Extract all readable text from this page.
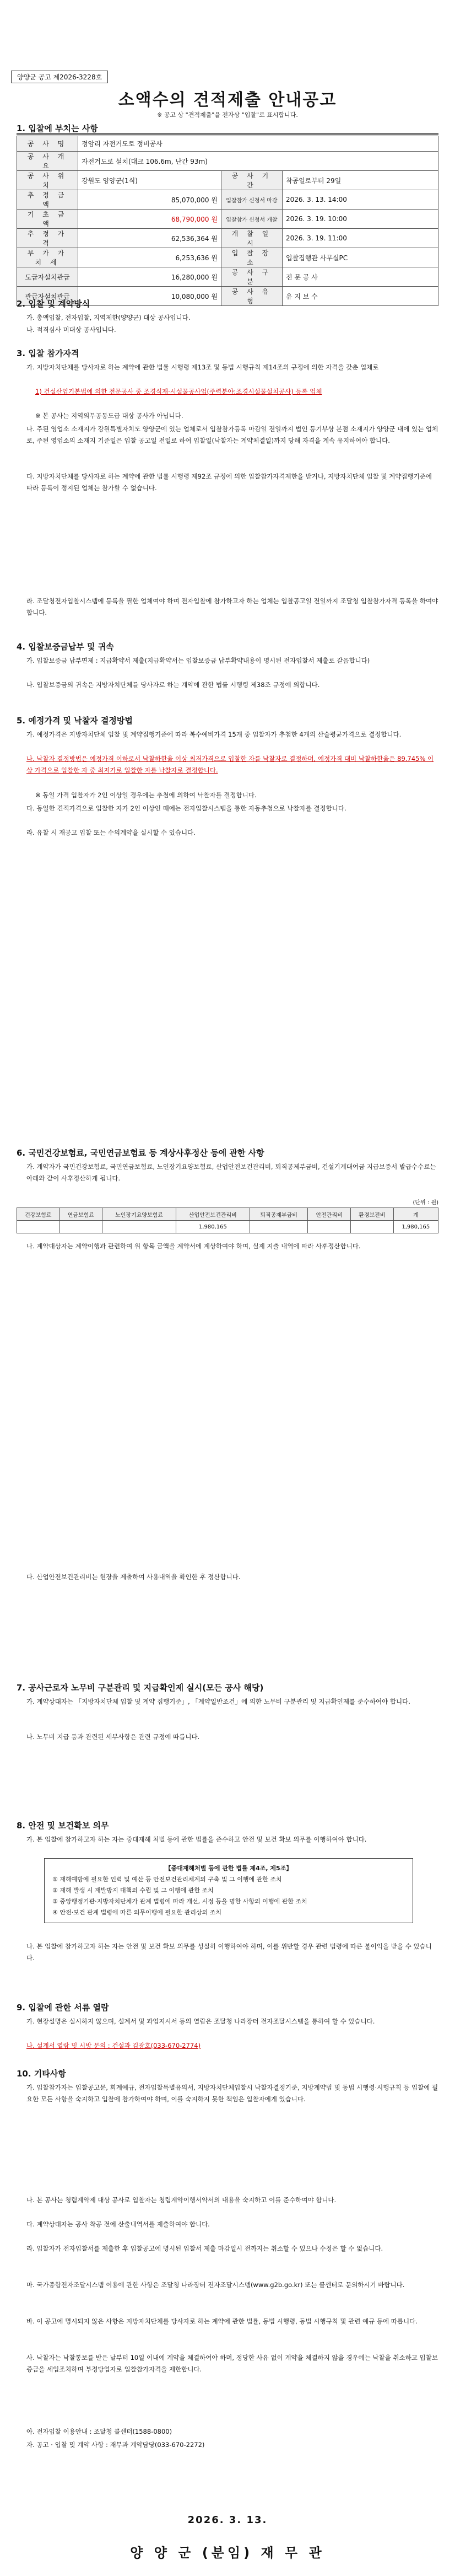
양양군 공고 제2026-3228호
소액수의 견적제출 안내공고
※ 공고 상 "견적제출"을 전자상 "입찰"로 표시합니다.
1. 입찰에 부치는 사항
공 사 명	정암리 자전거도로 정비공사		
공 사 개 요	자전거도로 설치(대크 106.6m, 난간 93m)		
공 사 위 치	강원도 양양군(1식)	공 사 기 간	착공일로부터 29일
추 정 금 액	85,070,000 원	입찰참가 신청서 마감	2026. 3. 13. 14:00
기 초 금 액	68,790,000 원	입찰참가 신청서 개찰	2026. 3. 19. 10:00
추 정 가 격	62,536,364 원	개 찰 일 시	2026. 3. 19. 11:00
부 가 가 치 세	6,253,636 원	입 찰 장 소	입찰집행관 사무실PC
도급자설치관급	16,280,000 원	공 사 구 분	전 문 공 사
관급자설치관급	10,080,000 원	공 사 유 형	유 지 보 수
2. 입찰 및 계약방식
가. 총액입찰, 전자입찰, 지역제한(양양군) 대상 공사입니다.
나. 적격심사 미대상 공사입니다.
3. 입찰 참가자격
가. 지방자치단체를 당사자로 하는 계약에 관한 법률 시행령 제13조 및 동법 시행규칙 제14조의 규정에 의한 자격을 갖춘 업체로
1) 건설산업기본법에 의한 전문공사 중 조경식재·시설물공사업(주력분야:조경시설물설치공사) 등록 업체
※ 본 공사는 지역의무공동도급 대상 공사가 아닙니다.
나. 주된 영업소 소재지가 강원특별자치도 양양군에 있는 업체로서 입찰참가등록 마감일 전일까지 법인 등기부상 본점 소재지가 양양군 내에 있는 업체로, 주된 영업소의 소재지 기준일은 입찰 공고일 전일로 하여 입찰일(낙찰자는 계약체결일)까지 당해 자격을 계속 유지하여야 합니다.
다. 지방자치단체를 당사자로 하는 계약에 관한 법률 시행령 제92조 규정에 의한 입찰참가자격제한을 받거나, 지방자치단체 입찰 및 계약집행기준에 따라 등록이 정지된 업체는 참가할 수 없습니다.
라. 조달청전자입찰시스템에 등록을 필한 업체여야 하며 전자입찰에 참가하고자 하는 업체는 입찰공고일 전일까지 조달청 입찰참가자격 등록을 하여야 합니다.
4. 입찰보증금납부 및 귀속
가. 입찰보증금 납부면제 : 지급확약서 제출(지급확약서는 입찰보증금 납부확약내용이 명시된 전자입찰서 제출로 갈음합니다)
나. 입찰보증금의 귀속은 지방자치단체를 당사자로 하는 계약에 관한 법률 시행령 제38조 규정에 의합니다.
5. 예정가격 및 낙찰자 결정방법
가. 예정가격은 지방자치단체 입찰 및 계약집행기준에 따라 복수예비가격 15개 중 입찰자가 추첨한 4개의 산술평균가격으로 결정합니다.
나. 낙찰자 결정방법은 예정가격 이하로서 낙찰하한율 이상 최저가격으로 입찰한 자를 낙찰자로 결정하며, 예정가격 대비 낙찰하한율은 89.745% 이상 가격으로 입찰한 자 중 최저가로 입찰한 자를 낙찰자로 결정합니다.
※ 동일 가격 입찰자가 2인 이상일 경우에는 추첨에 의하여 낙찰자를 결정합니다.
다. 동일한 견적가격으로 입찰한 자가 2인 이상인 때에는 전자입찰시스템을 통한 자동추첨으로 낙찰자를 결정합니다.
라. 유찰 시 재공고 입찰 또는 수의계약을 실시할 수 있습니다.
6. 국민건강보험료, 국민연금보험료 등 계상사후정산 등에 관한 사항
가. 계약자가 국민건강보험료, 국민연금보험료, 노인장기요양보험료, 산업안전보건관리비, 퇴직공제부금비, 건설기계대여금 지급보증서 발급수수료는 아래와 같이 사후정산하게 됩니다.
(단위 : 원)
건강보험료	연금보험료	노인장기요양보험료	산업안전보건관리비	퇴직공제부금비	안전관리비	환경보전비	계
			1,980,165				1,980,165
나. 계약대상자는 계약이행과 관련하여 위 항목 금액을 계약서에 계상하여야 하며, 실제 지출 내역에 따라 사후정산합니다.
다. 산업안전보건관리비는 현장을 제출하여 사용내역을 확인한 후 정산합니다.
7. 공사근로자 노무비 구분관리 및 지급확인제 실시(모든 공사 해당)
가. 계약상대자는 「지방자치단체 입찰 및 계약 집행기준」, 「계약일반조건」에 의한 노무비 구분관리 및 지급확인제를 준수하여야 합니다.
나. 노무비 지급 등과 관련된 세부사항은 관련 규정에 따릅니다.
8. 안전 및 보건확보 의무
가. 본 입찰에 참가하고자 하는 자는 중대재해 처벌 등에 관한 법률을 준수하고 안전 및 보건 확보 의무를 이행하여야 합니다.
【중대재해처벌 등에 관한 법률 제4조, 제5조】
① 재해예방에 필요한 인력 및 예산 등 안전보건관리체계의 구축 및 그 이행에 관한 조치
② 재해 발생 시 재발방지 대책의 수립 및 그 이행에 관한 조치
③ 중앙행정기관·지방자치단체가 관계 법령에 따라 개선, 시정 등을 명한 사항의 이행에 관한 조치
④ 안전·보건 관계 법령에 따른 의무이행에 필요한 관리상의 조치
나. 본 입찰에 참가하고자 하는 자는 안전 및 보건 확보 의무를 성실히 이행하여야 하며, 이를 위반할 경우 관련 법령에 따른 불이익을 받을 수 있습니다.
9. 입찰에 관한 서류 열람
가. 현장설명은 실시하지 않으며, 설계서 및 과업지시서 등의 열람은 조달청 나라장터 전자조달시스템을 통하여 할 수 있습니다.
나. 설계서 열람 및 시방 문의 : 건설과 김광호(033-670-2774)
10. 기타사항
가. 입찰참가자는 입찰공고문, 회계예규, 전자입찰특별유의서, 지방자치단체입찰시 낙찰자결정기준, 지방계약법 및 동법 시행령·시행규칙 등 입찰에 필요한 모든 사항을 숙지하고 입찰에 참가하여야 하며, 이를 숙지하지 못한 책임은 입찰자에게 있습니다.
나. 본 공사는 청렴계약제 대상 공사로 입찰자는 청렴계약이행서약서의 내용을 숙지하고 이를 준수하여야 합니다.
다. 계약상대자는 공사 착공 전에 산출내역서를 제출하여야 합니다.
라. 입찰자가 전자입찰서를 제출한 후 입찰공고에 명시된 입찰서 제출 마감일시 전까지는 취소할 수 있으나 수정은 할 수 없습니다.
마. 국가종합전자조달시스템 이용에 관한 사항은 조달청 나라장터 전자조달시스템(www.g2b.go.kr) 또는 콜센터로 문의하시기 바랍니다.
바. 이 공고에 명시되지 않은 사항은 지방자치단체를 당사자로 하는 계약에 관한 법률, 동법 시행령, 동법 시행규칙 및 관련 예규 등에 따릅니다.
사. 낙찰자는 낙찰통보를 받은 날부터 10일 이내에 계약을 체결하여야 하며, 정당한 사유 없이 계약을 체결하지 않을 경우에는 낙찰을 취소하고 입찰보증금을 세입조치하며 부정당업자로 입찰참가자격을 제한합니다.
아. 전자입찰 이용안내 : 조달청 콜센터(1588-0800)
자. 공고 · 입찰 및 계약 사항 : 재무과 계약담당(033-670-2272)
2026. 3. 13.
양 양 군 (분임) 재 무 관
